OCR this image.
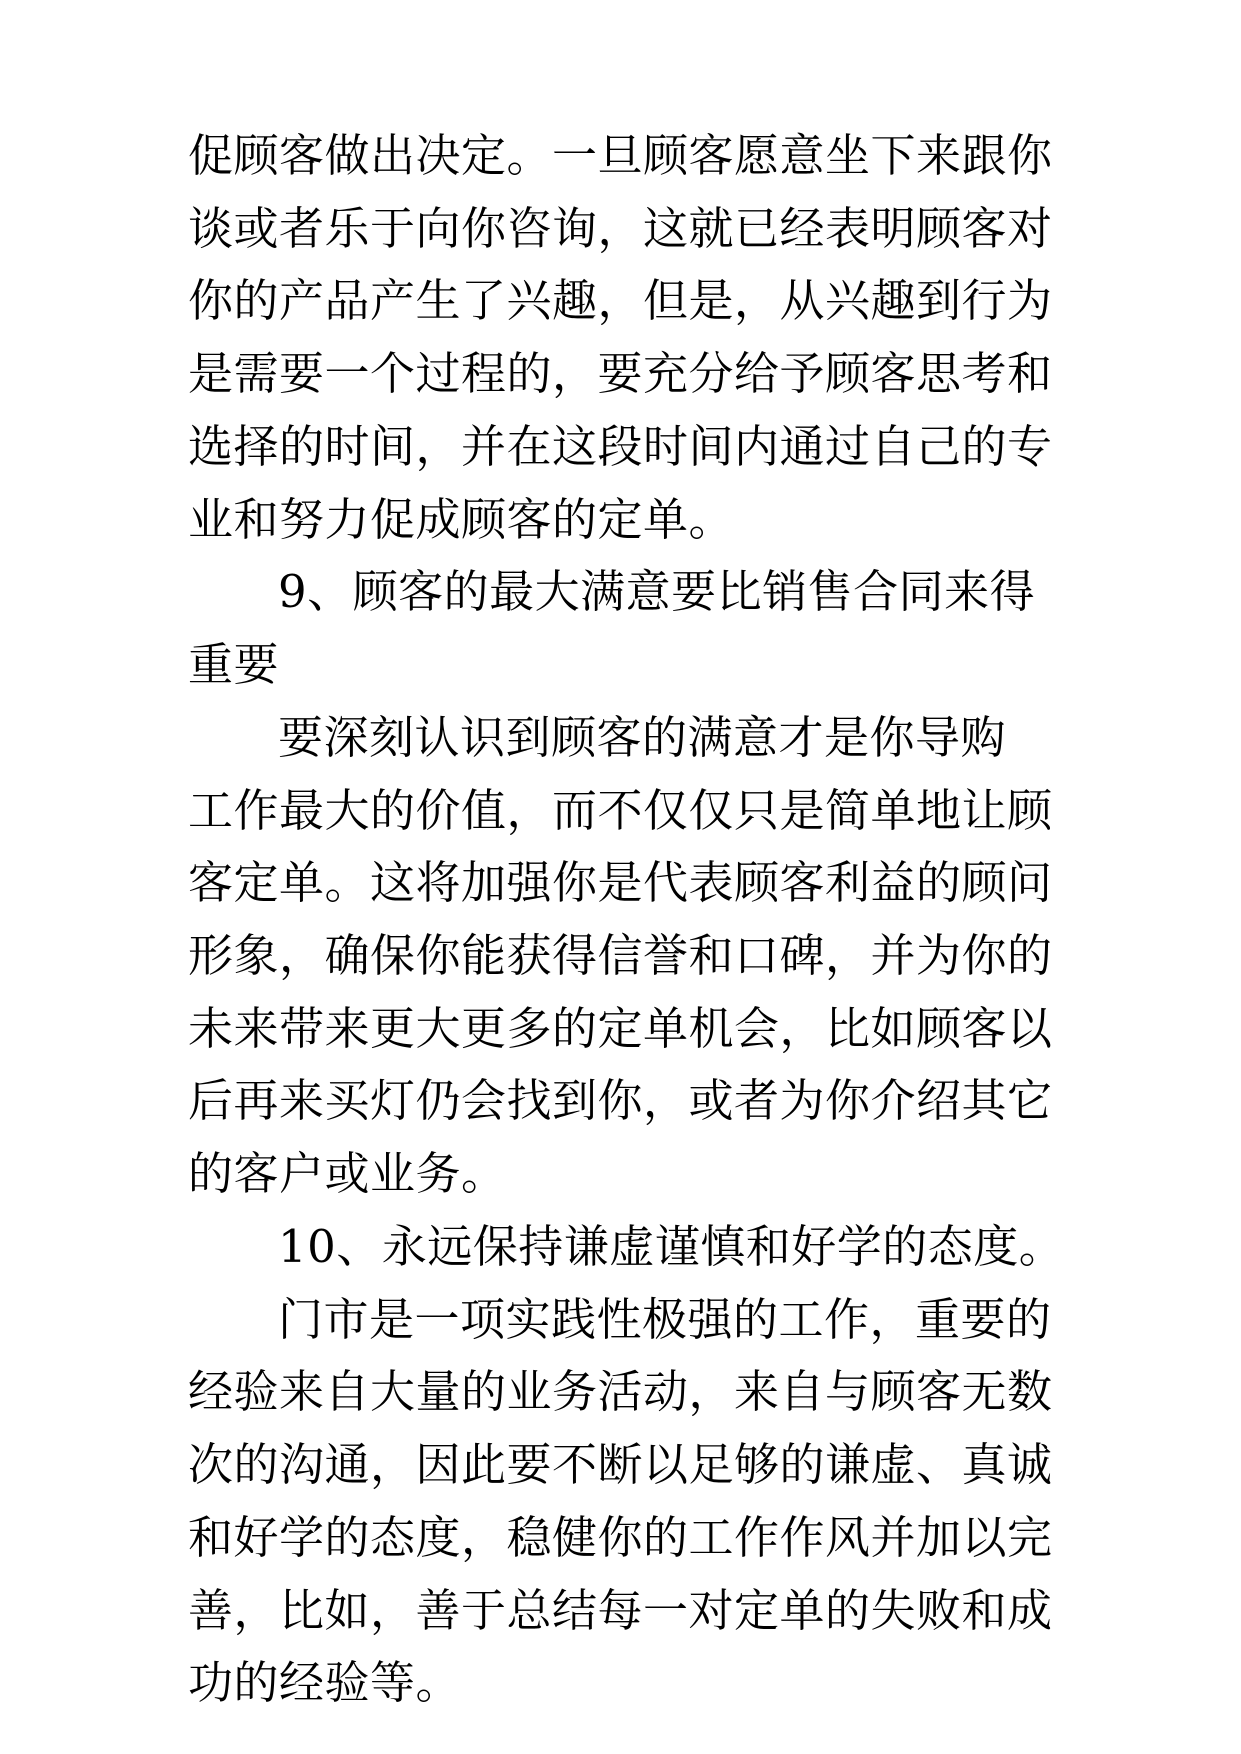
促顾客做出决定。一旦顾客愿意坐下来跟你
谈或者乐于向你咨询，这就已经表明顾客对
你的产品产生了兴趣，但是，从兴趣到行为
是需要一个过程的，要充分给予顾客思考和
选择的时间，并在这段时间内通过自己的专
业和努力促成顾客的定单。
9、顾客的最大满意要比销售合同来得
重要
要深刻认识到顾客的满意才是你导购
工作最大的价值，而不仅仅只是简单地让顾
客定单。这将加强你是代表顾客利益的顾问
形象，确保你能获得信誉和口碑，并为你的
未来带来更大更多的定单机会，比如顾客以
后再来买灯仍会找到你，或者为你介绍其它
的客户或业务。
10、永远保持谦虚谨慎和好学的态度。
门市是一项实践性极强的工作，重要的
经验来自大量的业务活动，来自与顾客无数
次的沟通，因此要不断以足够的谦虚、真诚
和好学的态度，稳健你的工作作风并加以完
善，比如，善于总结每一对定单的失败和成
功的经验等。
